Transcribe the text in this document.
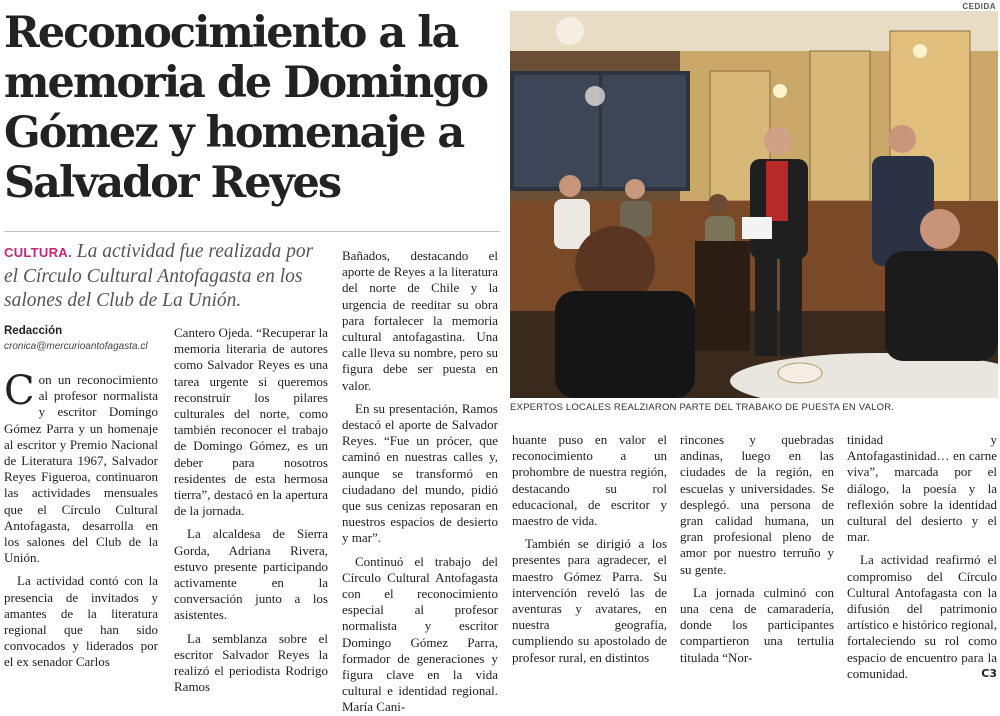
CEDIDA
Reconocimiento a la
memoria de Domingo
Gómez y homenaje a
Salvador Reyes

CULTURA. La actividad fue realizada por el Círculo Cultural Antofagasta en los salones del Club de La Unión.

Redacción
cronica@mercurioantofagasta.cl

Con un reconocimiento al profesor normalista y escritor Domingo Gómez Parra y un homenaje al escritor y Premio Nacional de Literatura 1967, Salvador Reyes Figueroa, continuaron las actividades mensuales que el Círculo Cultural Antofagasta, desarrolla en los salones del Club de la Unión.

La actividad contó con la presencia de invitados y amantes de la literatura regional que han sido convocados y liderados por el ex senador Carlos

Cantero Ojeda. “Recuperar la memoria literaria de autores como Salvador Reyes es una tarea urgente si queremos reconstruir los pilares culturales del norte, como también reconocer el trabajo de Domingo Gómez, es un deber para nosotros residentes de esta hermosa tierra”, destacó en la apertura de la jornada.

La alcaldesa de Sierra Gorda, Adriana Rivera, estuvo presente participando activamente en la conversación junto a los asistentes.

La semblanza sobre el escritor Salvador Reyes la realizó el periodista Rodrigo Ramos

Bañados, destacando el aporte de Reyes a la literatura del norte de Chile y la urgencia de reeditar su obra para fortalecer la memoria cultural antofagastina. Una calle lleva su nombre, pero su figura debe ser puesta en valor.

En su presentación, Ramos destacó el aporte de Salvador Reyes. “Fue un prócer, que caminó en nuestras calles y, aunque se transformó en ciudadano del mundo, pidió que sus cenizas reposaran en nuestros espacios de desierto y mar”.

Continuó el trabajo del Círculo Cultural Antofagasta con el reconocimiento especial al profesor normalista y escritor Domingo Gómez Parra, formador de generaciones y figura clave en la vida cultural e identidad regional. María Cani-

EXPERTOS LOCALES REALZIARON PARTE DEL TRABAKO DE PUESTA EN VALOR.

huante puso en valor el reconocimiento a un prohombre de nuestra región, destacando su rol educacional, de escritor y maestro de vida.

También se dirigió a los presentes para agradecer, el maestro Gómez Parra. Su intervención reveló las de aventuras y avatares, en nuestra geografía, cumpliendo su apostolado de profesor rural, en distintos

rincones y quebradas andinas, luego en las ciudades de la región, en escuelas y universidades. Se desplegó. una persona de gran calidad humana, un gran profesional pleno de amor por nuestro terruño y su gente.

La jornada culminó con una cena de camaradería, donde los participantes compartieron una tertulia titulada “Nor-

tinidad y Antofagastinidad… en carne viva”, marcada por el diálogo, la poesía y la reflexión sobre la identidad cultural del desierto y el mar.

La actividad reafirmó el compromiso del Círculo Cultural Antofagasta con la difusión del patrimonio artístico e histórico regional, fortaleciendo su rol como espacio de encuentro para la comunidad.	C3
